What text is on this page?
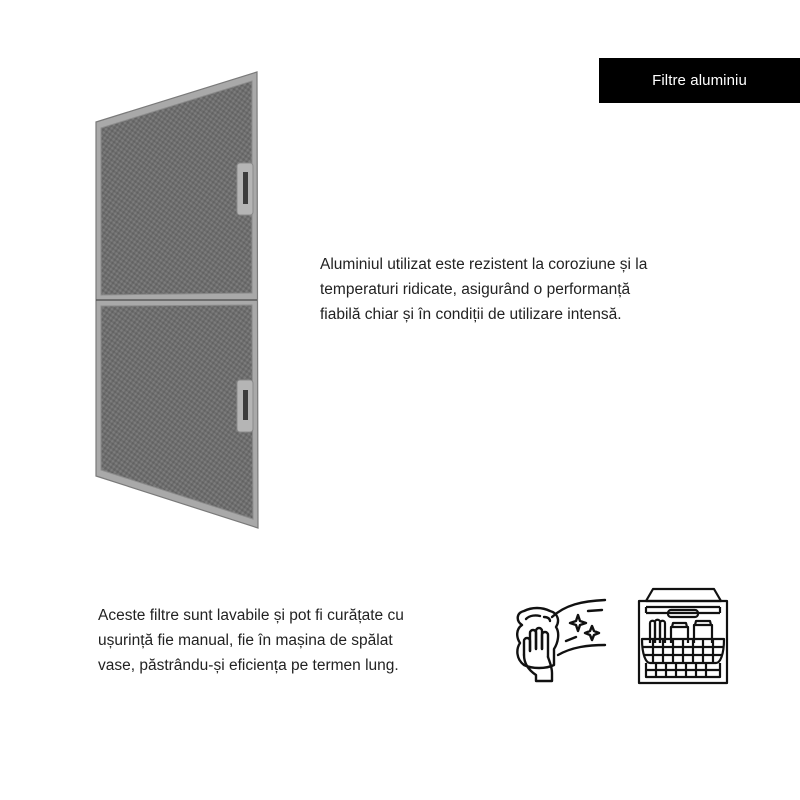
Filtre aluminiu
Aluminiul utilizat este rezistent la coroziune și la
temperaturi ridicate, asigurând o performanță
fiabilă chiar și în condiții de utilizare intensă.
Aceste filtre sunt lavabile și pot fi curățate cu
ușurință fie manual, fie în mașina de spălat
vase, păstrându-și eficiența pe termen lung.
